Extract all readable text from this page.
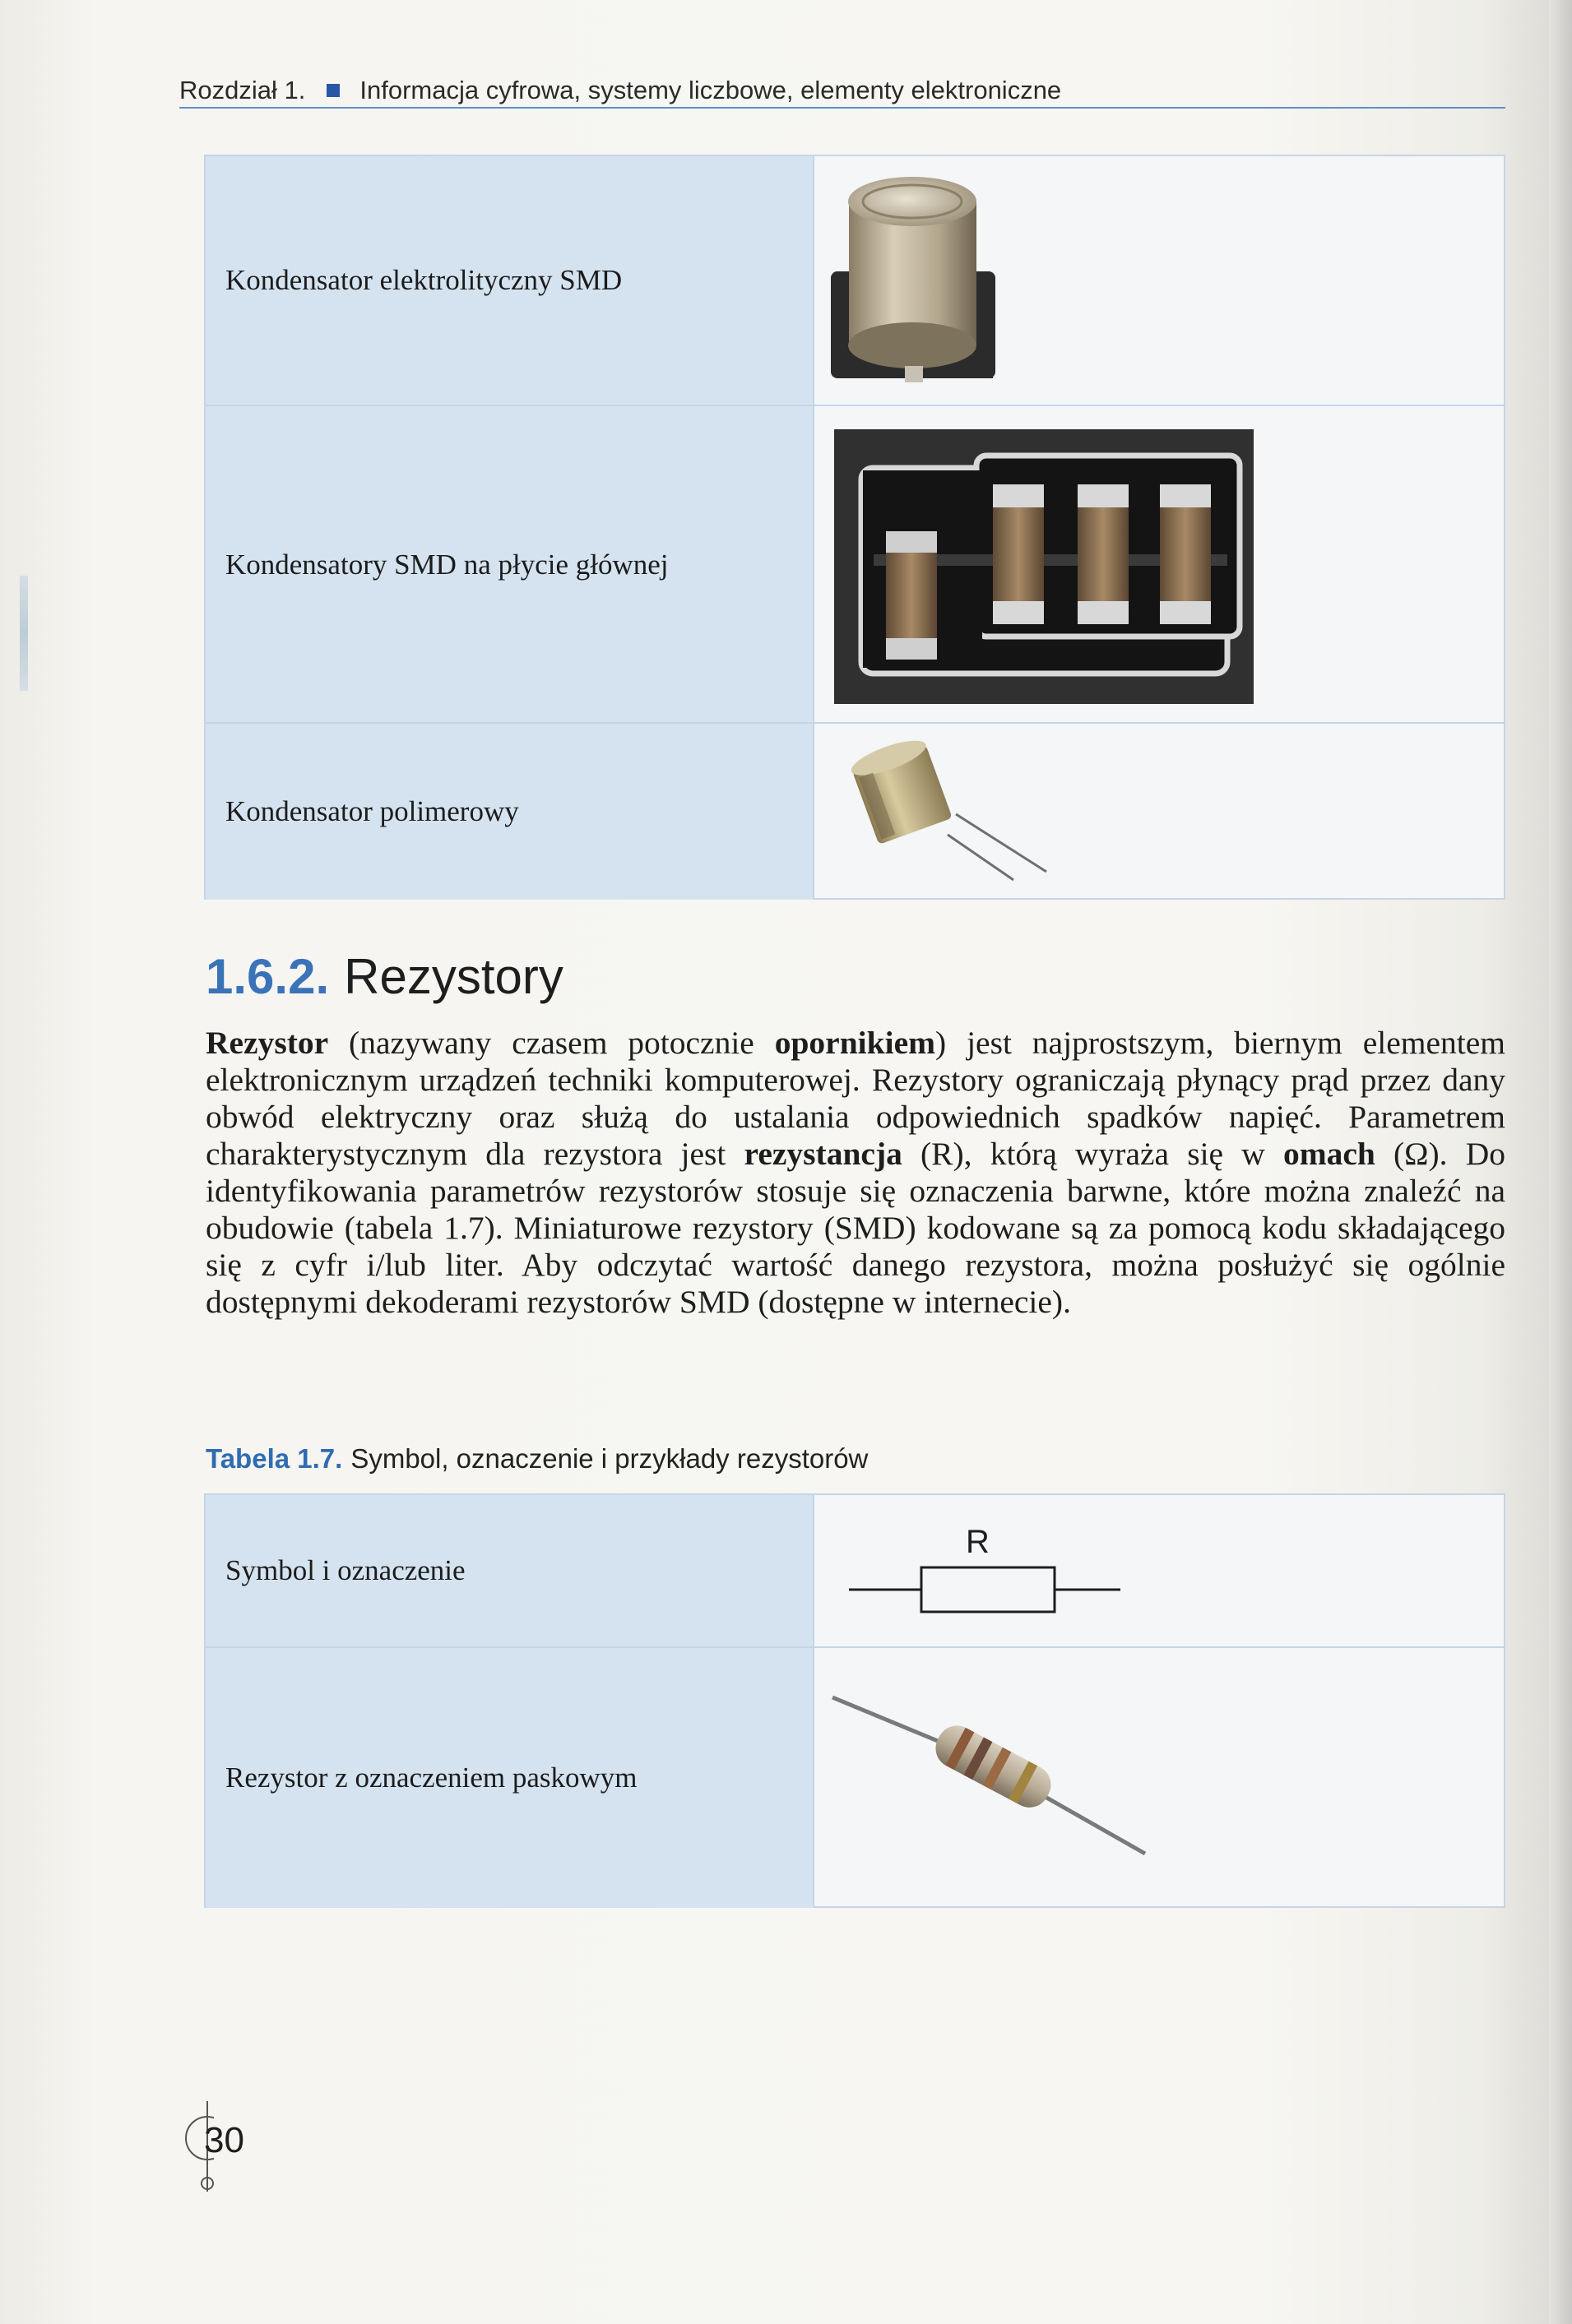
Rozdział 1. Informacja cyfrowa, systemy liczbowe, elementy elektroniczne
Kondensator elektrolityczny SMD
Kondensatory SMD na płycie głównej
Kondensator polimerowy
1.6.2. Rezystory
Rezystor (nazywany czasem potocznie opornikiem) jest najprostszym, biernym elementem elektronicznym urządzeń techniki komputerowej. Rezystory ograniczają płynący prąd przez dany obwód elektryczny oraz służą do ustalania odpowiednich spadków napięć. Parametrem charakterystycznym dla rezystora jest rezystancja (R), którą wyraża się w omach (Ω). Do identyfikowania parametrów rezystorów stosuje się oznaczenia barwne, które można znaleźć na obudowie (tabela 1.7). Miniaturowe rezystory (SMD) kodowane są za pomocą kodu składającego się z cyfr i/lub liter. Aby odczytać wartość danego rezystora, można posłużyć się ogólnie dostępnymi dekoderami rezystorów SMD (dostępne w internecie).
Tabela 1.7. Symbol, oznaczenie i przykłady rezystorów
Symbol i oznaczenie
R
Rezystor z oznaczeniem paskowym
30
